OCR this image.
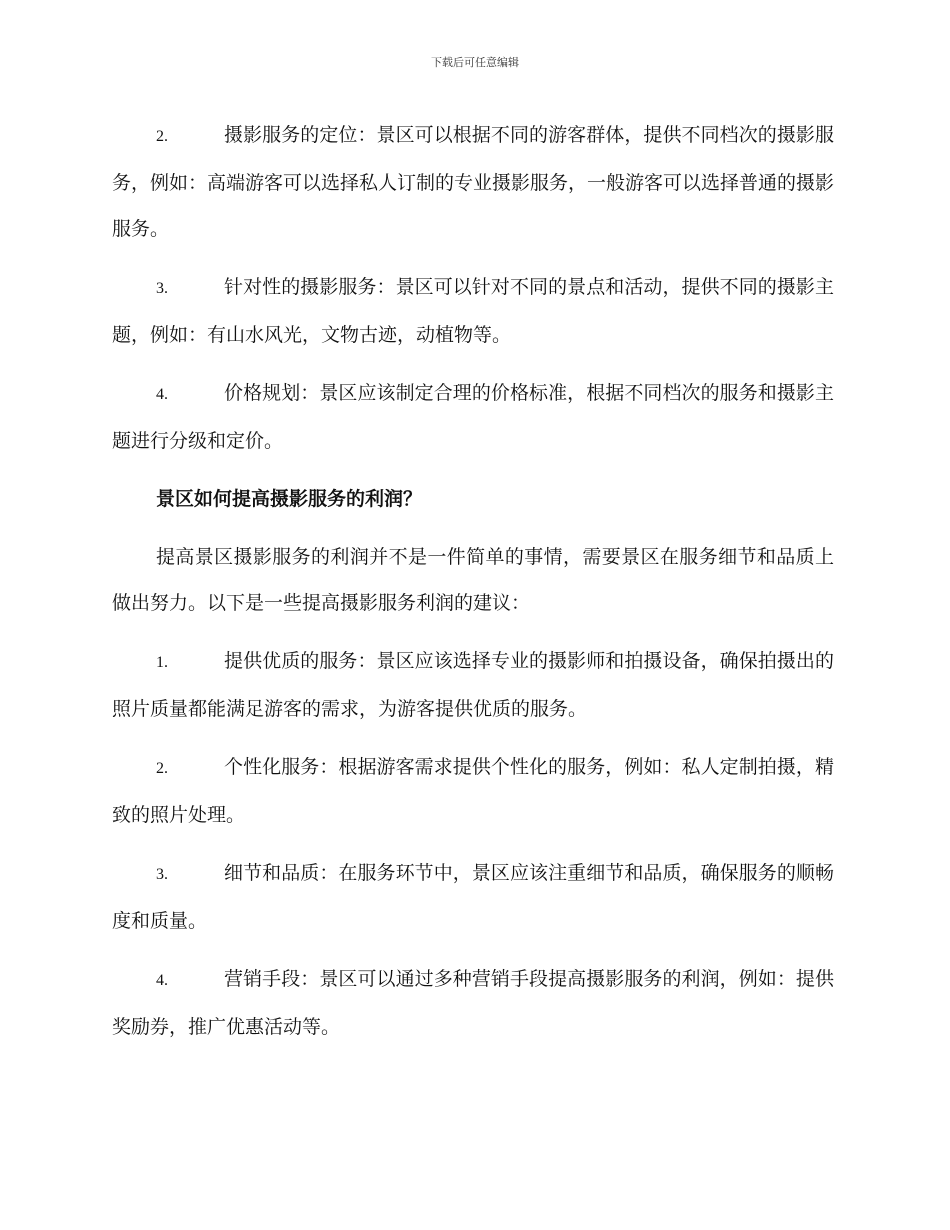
下载后可任意编辑

2.	摄影服务的定位：景区可以根据不同的游客群体，提供不同档次的摄影服务，例如：高端游客可以选择私人订制的专业摄影服务，一般游客可以选择普通的摄影服务。

3.	针对性的摄影服务：景区可以针对不同的景点和活动，提供不同的摄影主题，例如：有山水风光，文物古迹，动植物等。

4.	价格规划：景区应该制定合理的价格标准，根据不同档次的服务和摄影主题进行分级和定价。

景区如何提高摄影服务的利润？

提高景区摄影服务的利润并不是一件简单的事情，需要景区在服务细节和品质上做出努力。以下是一些提高摄影服务利润的建议：

1.	提供优质的服务：景区应该选择专业的摄影师和拍摄设备，确保拍摄出的照片质量都能满足游客的需求，为游客提供优质的服务。

2.	个性化服务：根据游客需求提供个性化的服务，例如：私人定制拍摄，精致的照片处理。

3.	细节和品质：在服务环节中，景区应该注重细节和品质，确保服务的顺畅度和质量。

4.	营销手段：景区可以通过多种营销手段提高摄影服务的利润，例如：提供奖励券，推广优惠活动等。
